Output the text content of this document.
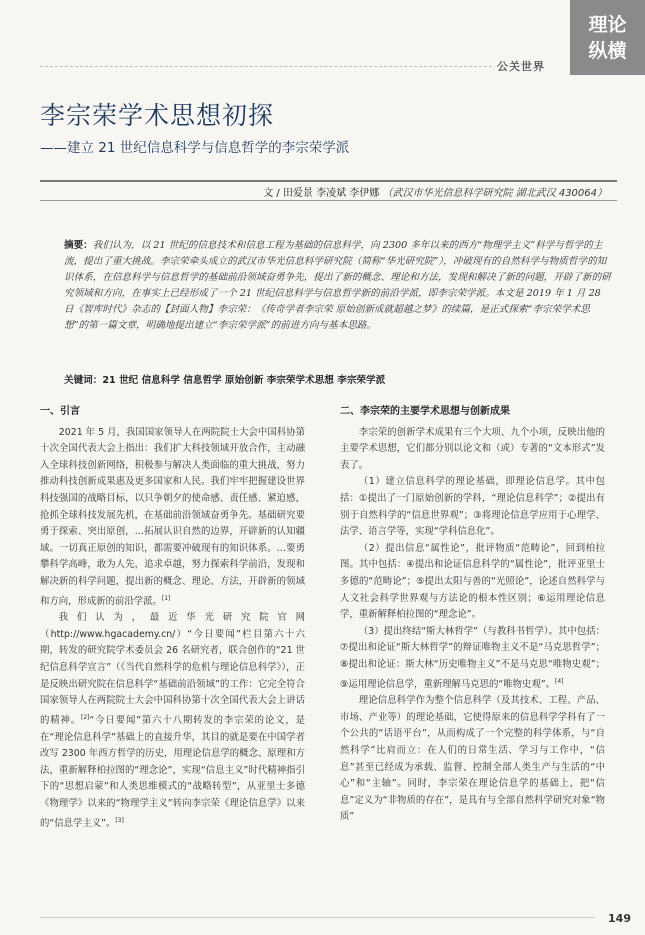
公关世界
理论
纵横
李宗荣学术思想初探
——建立 21 世纪信息科学与信息哲学的李宗荣学派
文 / 田爱景 李凌斌 李伊娜 （武汉市华光信息科学研究院 湖北武汉 430064）
摘要：我们认为，以 21 世纪的信息技术和信息工程为基础的信息科学，向 2300 多年以来的西方“物理学主义”科学与哲学的主流，提出了重大挑战。李宗荣牵头成立的武汉市华光信息科学研究院（简称“华光研究院”），冲破现有的自然科学与物质哲学的知识体系，在信息科学与信息哲学的基础前沿领域奋勇争先，提出了新的概念、理论和方法，发现和解决了新的问题，开辟了新的研究领域和方向，在事实上已经形成了一个 21 世纪信息科学与信息哲学新的前沿学派，即李宗荣学派。本文是 2019 年 1 月 28 日《智库时代》杂志的【封面人物】李宗荣：《传奇学者李宗荣 原始创新成就超越之梦》的续篇，是正式探索“李宗荣学术思想”的第一篇文章，明确地提出建立“李宗荣学派”的前进方向与基本思路。
关键词：21 世纪 信息科学 信息哲学 原始创新 李宗荣学术思想 李宗荣学派
一、引言

2021 年 5 月，我国国家领导人在两院院士大会中国科协第十次全国代表大会上指出：我们扩大科技领域开放合作，主动融入全球科技创新网络，积极参与解决人类面临的重大挑战，努力推动科技创新成果惠及更多国家和人民。我们牢牢把握建设世界科技强国的战略目标，以只争朝夕的使命感、责任感、紧迫感，抢抓全球科技发展先机，在基础前沿领域奋勇争先。基础研究要勇于探索、突出原创，…拓展认识自然的边界，开辟新的认知疆域。一切真正原创的知识，都需要冲破现有的知识体系。…要勇攀科学高峰，敢为人先，追求卓越，努力探索科学前沿，发现和解决新的科学问题，提出新的概念、理论、方法，开辟新的领域和方向，形成新的前沿学派。[1]

我们认为，最近华光研究院官网（http://www.hgacademy.cn/）“今日要闻”栏目第六十六期，转发的研究院学术委员会 26 名研究者，联合创作的“21 世纪信息科学宣言”（《当代自然科学的危机与理论信息科学》），正是反映出研究院在信息科学“基础前沿领域”的工作：它完全符合国家领导人在两院院士大会中国科协第十次全国代表大会上讲话的精神。[2]“今日要闻”第六十八期转发的李宗荣的论文，是在“理论信息科学”基础上的直接升华，其目的就是要在中国学者改写 2300 年西方哲学的历史，用理论信息学的概念、原理和方法，重新解释柏拉图的“理念论”，实现“信息主义”时代精神指引下的“思想启蒙”和人类思维模式的“战略转型”，从亚里士多德《物理学》以来的“物理学主义”转向李宗荣《理论信息学》以来的“信息学主义”。[3]

二、李宗荣的主要学术思想与创新成果

李宗荣的创新学术成果有三个大项、九个小项，反映出他的主要学术思想，它们都分别以论文和（或）专著的“文本形式”发表了。

（1）建立信息科学的理论基础，即理论信息学。其中包括：①提出了一门原始创新的学科，“理论信息科学”；②提出有别于自然科学的“信息世界观”；③将理论信息学应用于心理学、法学、语言学等，实现“学科信息化”。

（2）提出信息“属性论”，批评物质“范畴论”，回到柏拉图。其中包括：④提出和论证信息科学的“属性论”，批评亚里士多德的“范畴论”；⑤提出太阳与善的“光照论”，论述自然科学与人文社会科学世界观与方法论的根本性区别；⑥运用理论信息学，重新解释柏拉图的“理念论”。

（3）提出终结“斯大林哲学”（与教科书哲学）。其中包括：⑦提出和论证“斯大林哲学”的辩证唯物主义不是“马克思哲学”；⑧提出和论证：斯大林“历史唯物主义”不是马克思“唯物史观”；⑨运用理论信息学，重新理解马克思的“唯物史观”。[4]

理论信息科学作为整个信息科学（及其技术、工程、产品、市场、产业等）的理论基础，它使得原来的信息科学学科有了一个公共的“话语平台”，从而构成了一个完整的科学体系，与“自然科学”比肩而立：在人们的日常生活、学习与工作中，“信息”甚至已经成为承载、监督、控制全部人类生产与生活的“中心”和“主轴”。同时，李宗荣在理论信息学的基础上，把“信息”定义为“非物质的存在”，是具有与全部自然科学研究对象“物质”

149
